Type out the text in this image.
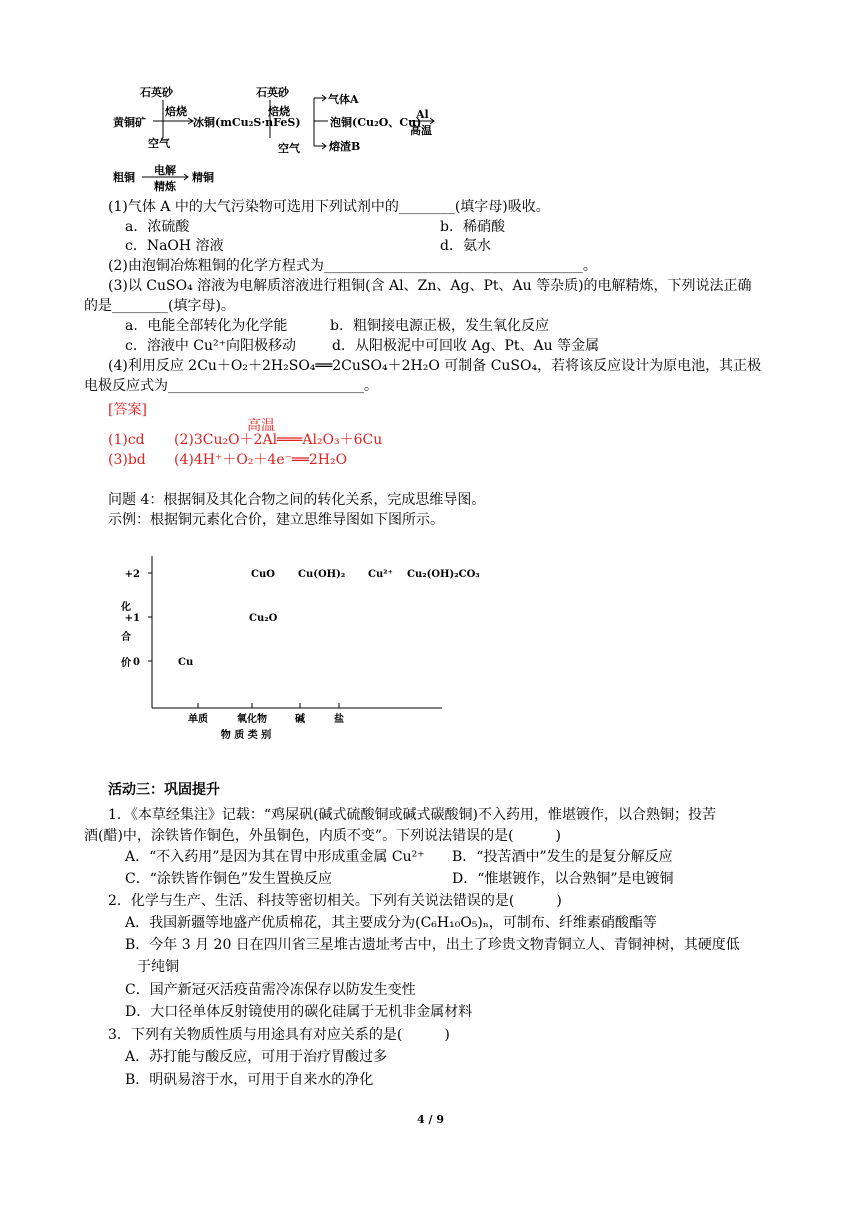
石英砂
焙烧
黄铜矿	冰铜(mCu₂S·nFeS)
空气
石英砂
焙烧
气体A
泡铜(Cu₂O、Cu)
Al
高温
空气	熔渣B
粗铜
电解
精炼
精铜
(1)气体 A 中的大气污染物可选用下列试剂中的________(填字母)吸收。
a．浓硫酸	b．稀硝酸
c．NaOH 溶液	d．氨水
(2)由泡铜冶炼粗铜的化学方程式为_____________________________________。
(3)以 CuSO₄ 溶液为电解质溶液进行粗铜(含 Al、Zn、Ag、Pt、Au 等杂质)的电解精炼，下列说法正确
的是________(填字母)。
a．电能全部转化为化学能	b．粗铜接电源正极，发生氧化反应
c．溶液中 Cu²⁺向阳极移动	d．从阳极泥中可回收 Ag、Pt、Au 等金属
(4)利用反应 2Cu＋O₂＋2H₂SO₄══2CuSO₄＋2H₂O 可制备 CuSO₄，若将该反应设计为原电池，其正极
电极反应式为____________________________。
[答案]
(1)cd (2)3Cu₂O＋2Al═══Al₂O₃＋6Cu
高温
(3)bd (4)4H⁺＋O₂＋4e⁻══2H₂O
问题 4：根据铜及其化合物之间的转化关系，完成思维导图。
示例：根据铜元素化合价，建立思维导图如下图所示。
+2
+1
0
化
合
价
单质	氧化物	碱	盐
物 质 类 别
Cu
Cu₂O
CuO Cu(OH)₂ Cu²⁺ Cu₂(OH)₂CO₃
活动三：巩固提升
1．《本草经集注》记载：“鸡屎矾(碱式硫酸铜或碱式碳酸铜)不入药用，惟堪镀作，以合熟铜；投苦
酒(醋)中，涂铁皆作铜色，外虽铜色，内质不变”。下列说法错误的是(　　　)
A．“不入药用”是因为其在胃中形成重金属 Cu²⁺ B．“投苦酒中”发生的是复分解反应
C．“涂铁皆作铜色”发生置换反应	D．“惟堪镀作，以合熟铜”是电镀铜
2．化学与生产、生活、科技等密切相关。下列有关说法错误的是(　　　)
A．我国新疆等地盛产优质棉花，其主要成分为(C₆H₁₀O₅)ₙ，可制布、纤维素硝酸酯等
B．今年 3 月 20 日在四川省三星堆古遗址考古中，出土了珍贵文物青铜立人、青铜神树，其硬度低
于纯铜
C．国产新冠灭活疫苗需冷冻保存以防发生变性
D．大口径单体反射镜使用的碳化硅属于无机非金属材料
3．下列有关物质性质与用途具有对应关系的是(　　　)
A．苏打能与酸反应，可用于治疗胃酸过多
B．明矾易溶于水，可用于自来水的净化
4 / 9
